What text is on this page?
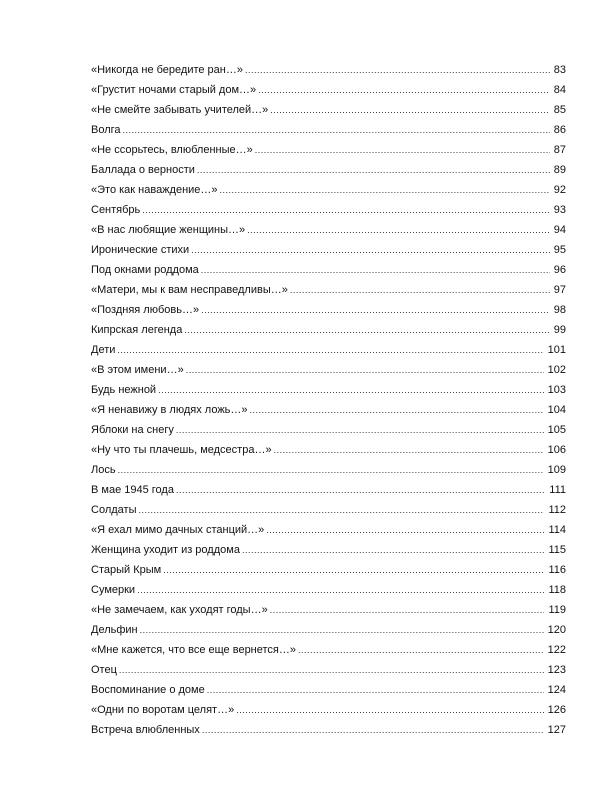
«Никогда не бередите ран…» .....	83
«Грустит ночами старый дом…» .....	84
«Не смейте забывать учителей…» .....	85
Волга .....	86
«Не ссорьтесь, влюбленные…» .....	87
Баллада о верности .....	89
«Это как наваждение…» .....	92
Сентябрь .....	93
«В нас любящие женщины…» .....	94
Иронические стихи .....	95
Под окнами роддома .....	96
«Матери, мы к вам несправедливы…» .....	97
«Поздняя любовь…» .....	98
Кипрская легенда .....	99
Дети .....	101
«В этом имени…» .....	102
Будь нежной .....	103
«Я ненавижу в людях ложь…» .....	104
Яблоки на снегу .....	105
«Ну что ты плачешь, медсестра…» .....	106
Лось .....	109
В мае 1945 года .....	111
Солдаты .....	112
«Я ехал мимо дачных станций…» .....	114
Женщина уходит из роддома .....	115
Старый Крым .....	116
Сумерки .....	118
«Не замечаем, как уходят годы…» .....	119
Дельфин .....	120
«Мне кажется, что все еще вернется…» .....	122
Отец .....	123
Воспоминание о доме .....	124
«Одни по воротам целят…» .....	126
Встреча влюбленных .....	127
